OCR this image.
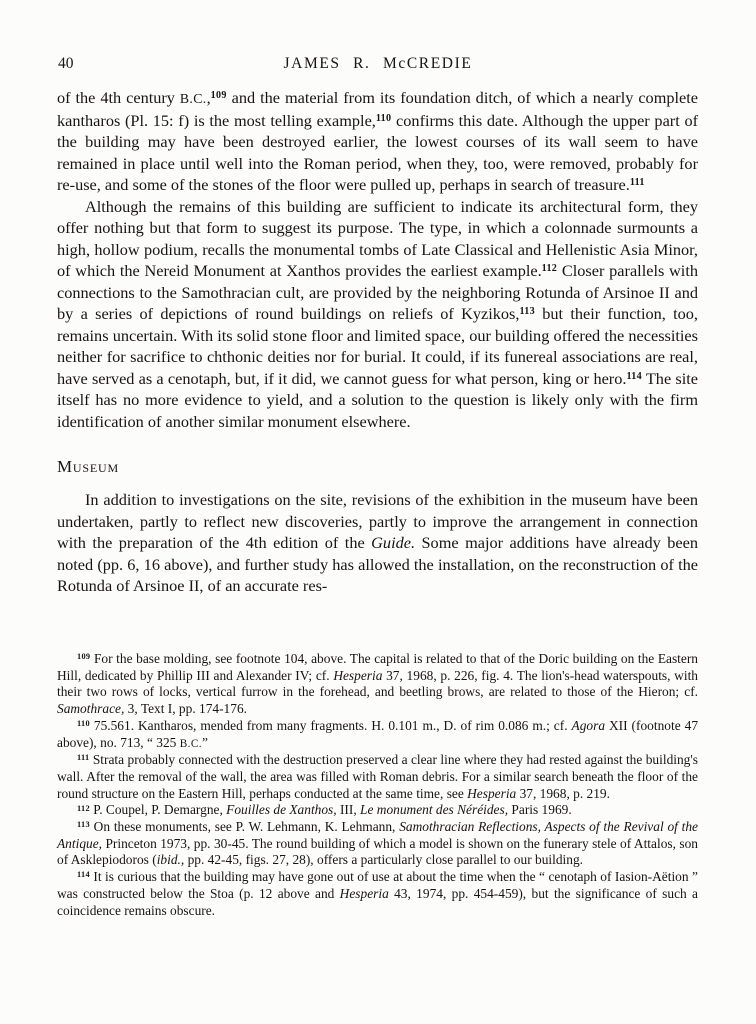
40	JAMES R. McCREDIE

of the 4th century B.C.,$^{109}$ and the material from its foundation ditch, of which a nearly complete kantharos (Pl. 15: f) is the most telling example,$^{110}$ confirms this date. Although the upper part of the building may have been destroyed earlier, the lowest courses of its wall seem to have remained in place until well into the Roman period, when they, too, were removed, probably for re-use, and some of the stones of the floor were pulled up, perhaps in search of treasure.$^{111}$

Although the remains of this building are sufficient to indicate its architectural form, they offer nothing but that form to suggest its purpose. The type, in which a colonnade surmounts a high, hollow podium, recalls the monumental tombs of Late Classical and Hellenistic Asia Minor, of which the Nereid Monument at Xanthos provides the earliest example.$^{112}$ Closer parallels with connections to the Samothracian cult, are provided by the neighboring Rotunda of Arsinoe II and by a series of depictions of round buildings on reliefs of Kyzikos,$^{113}$ but their function, too, remains uncertain. With its solid stone floor and limited space, our building offered the necessities neither for sacrifice to chthonic deities nor for burial. It could, if its funereal associations are real, have served as a cenotaph, but, if it did, we cannot guess for what person, king or hero.$^{114}$ The site itself has no more evidence to yield, and a solution to the question is likely only with the firm identification of another similar monument elsewhere.

Museum

In addition to investigations on the site, revisions of the exhibition in the museum have been undertaken, partly to reflect new discoveries, partly to improve the arrangement in connection with the preparation of the 4th edition of the Guide. Some major additions have already been noted (pp. 6, 16 above), and further study has allowed the installation, on the reconstruction of the Rotunda of Arsinoe II, of an accurate res-

$^{109}$ For the base molding, see footnote 104, above. The capital is related to that of the Doric building on the Eastern Hill, dedicated by Phillip III and Alexander IV; cf. Hesperia 37, 1968, p. 226, fig. 4. The lion's-head waterspouts, with their two rows of locks, vertical furrow in the forehead, and beetling brows, are related to those of the Hieron; cf. Samothrace, 3, Text I, pp. 174-176.

$^{110}$ 75.561. Kantharos, mended from many fragments. H. 0.101 m., D. of rim 0.086 m.; cf. Agora XII (footnote 47 above), no. 713, “ 325 B.C.”

$^{111}$ Strata probably connected with the destruction preserved a clear line where they had rested against the building's wall. After the removal of the wall, the area was filled with Roman debris. For a similar search beneath the floor of the round structure on the Eastern Hill, perhaps conducted at the same time, see Hesperia 37, 1968, p. 219.

$^{112}$ P. Coupel, P. Demargne, Fouilles de Xanthos, III, Le monument des Néréides, Paris 1969.

$^{113}$ On these monuments, see P. W. Lehmann, K. Lehmann, Samothracian Reflections, Aspects of the Revival of the Antique, Princeton 1973, pp. 30-45. The round building of which a model is shown on the funerary stele of Attalos, son of Asklepiodoros (ibid., pp. 42-45, figs. 27, 28), offers a particularly close parallel to our building.

$^{114}$ It is curious that the building may have gone out of use at about the time when the “ cenotaph of Iasion-Aëtion ” was constructed below the Stoa (p. 12 above and Hesperia 43, 1974, pp. 454-459), but the significance of such a coincidence remains obscure.
